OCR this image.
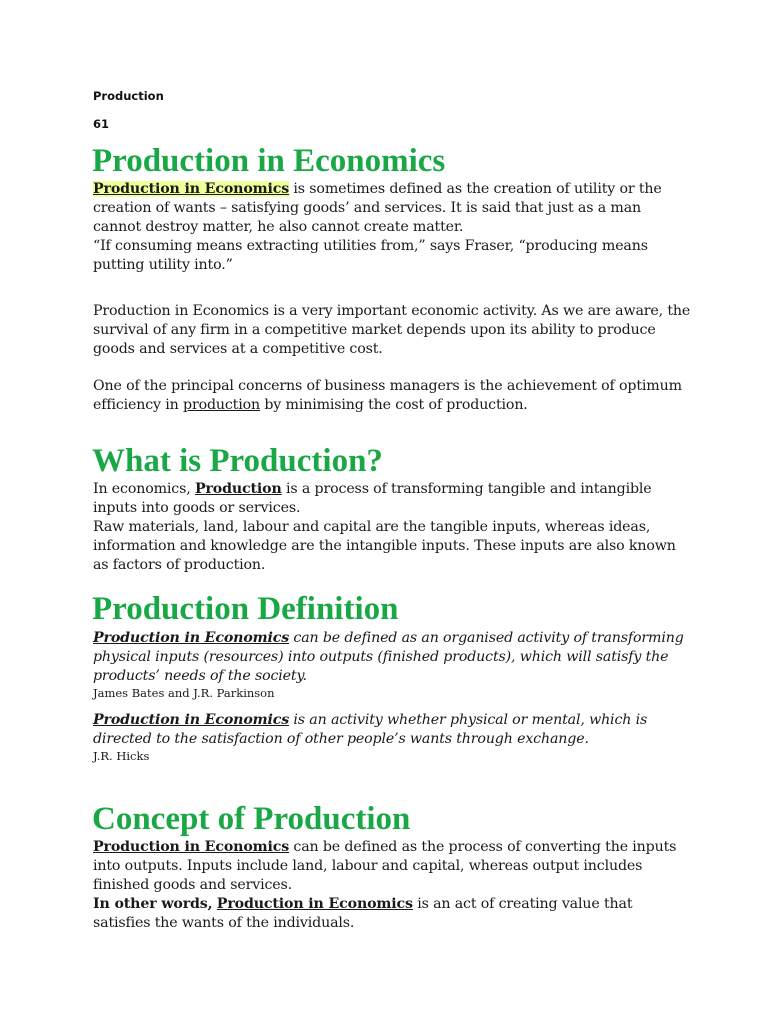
Production
61
Production in Economics

Production in Economics is sometimes defined as the creation of utility or the creation of wants – satisfying goods’ and services. It is said that just as a man cannot destroy matter, he also cannot create matter.
“If consuming means extracting utilities from,” says Fraser, “producing means putting utility into.”

Production in Economics is a very important economic activity. As we are aware, the survival of any firm in a competitive market depends upon its ability to produce goods and services at a competitive cost.

One of the principal concerns of business managers is the achievement of optimum efficiency in production by minimising the cost of production.

What is Production?

In economics, Production is a process of transforming tangible and intangible inputs into goods or services.
Raw materials, land, labour and capital are the tangible inputs, whereas ideas, information and knowledge are the intangible inputs. These inputs are also known as factors of production.

Production Definition

Production in Economics can be defined as an organised activity of transforming physical inputs (resources) into outputs (finished products), which will satisfy the products’ needs of the society.

James Bates and J.R. Parkinson

Production in Economics is an activity whether physical or mental, which is directed to the satisfaction of other people’s wants through exchange.

J.R. Hicks

Concept of Production

Production in Economics can be defined as the process of converting the inputs into outputs. Inputs include land, labour and capital, whereas output includes finished goods and services.
In other words, Production in Economics is an act of creating value that satisfies the wants of the individuals.
